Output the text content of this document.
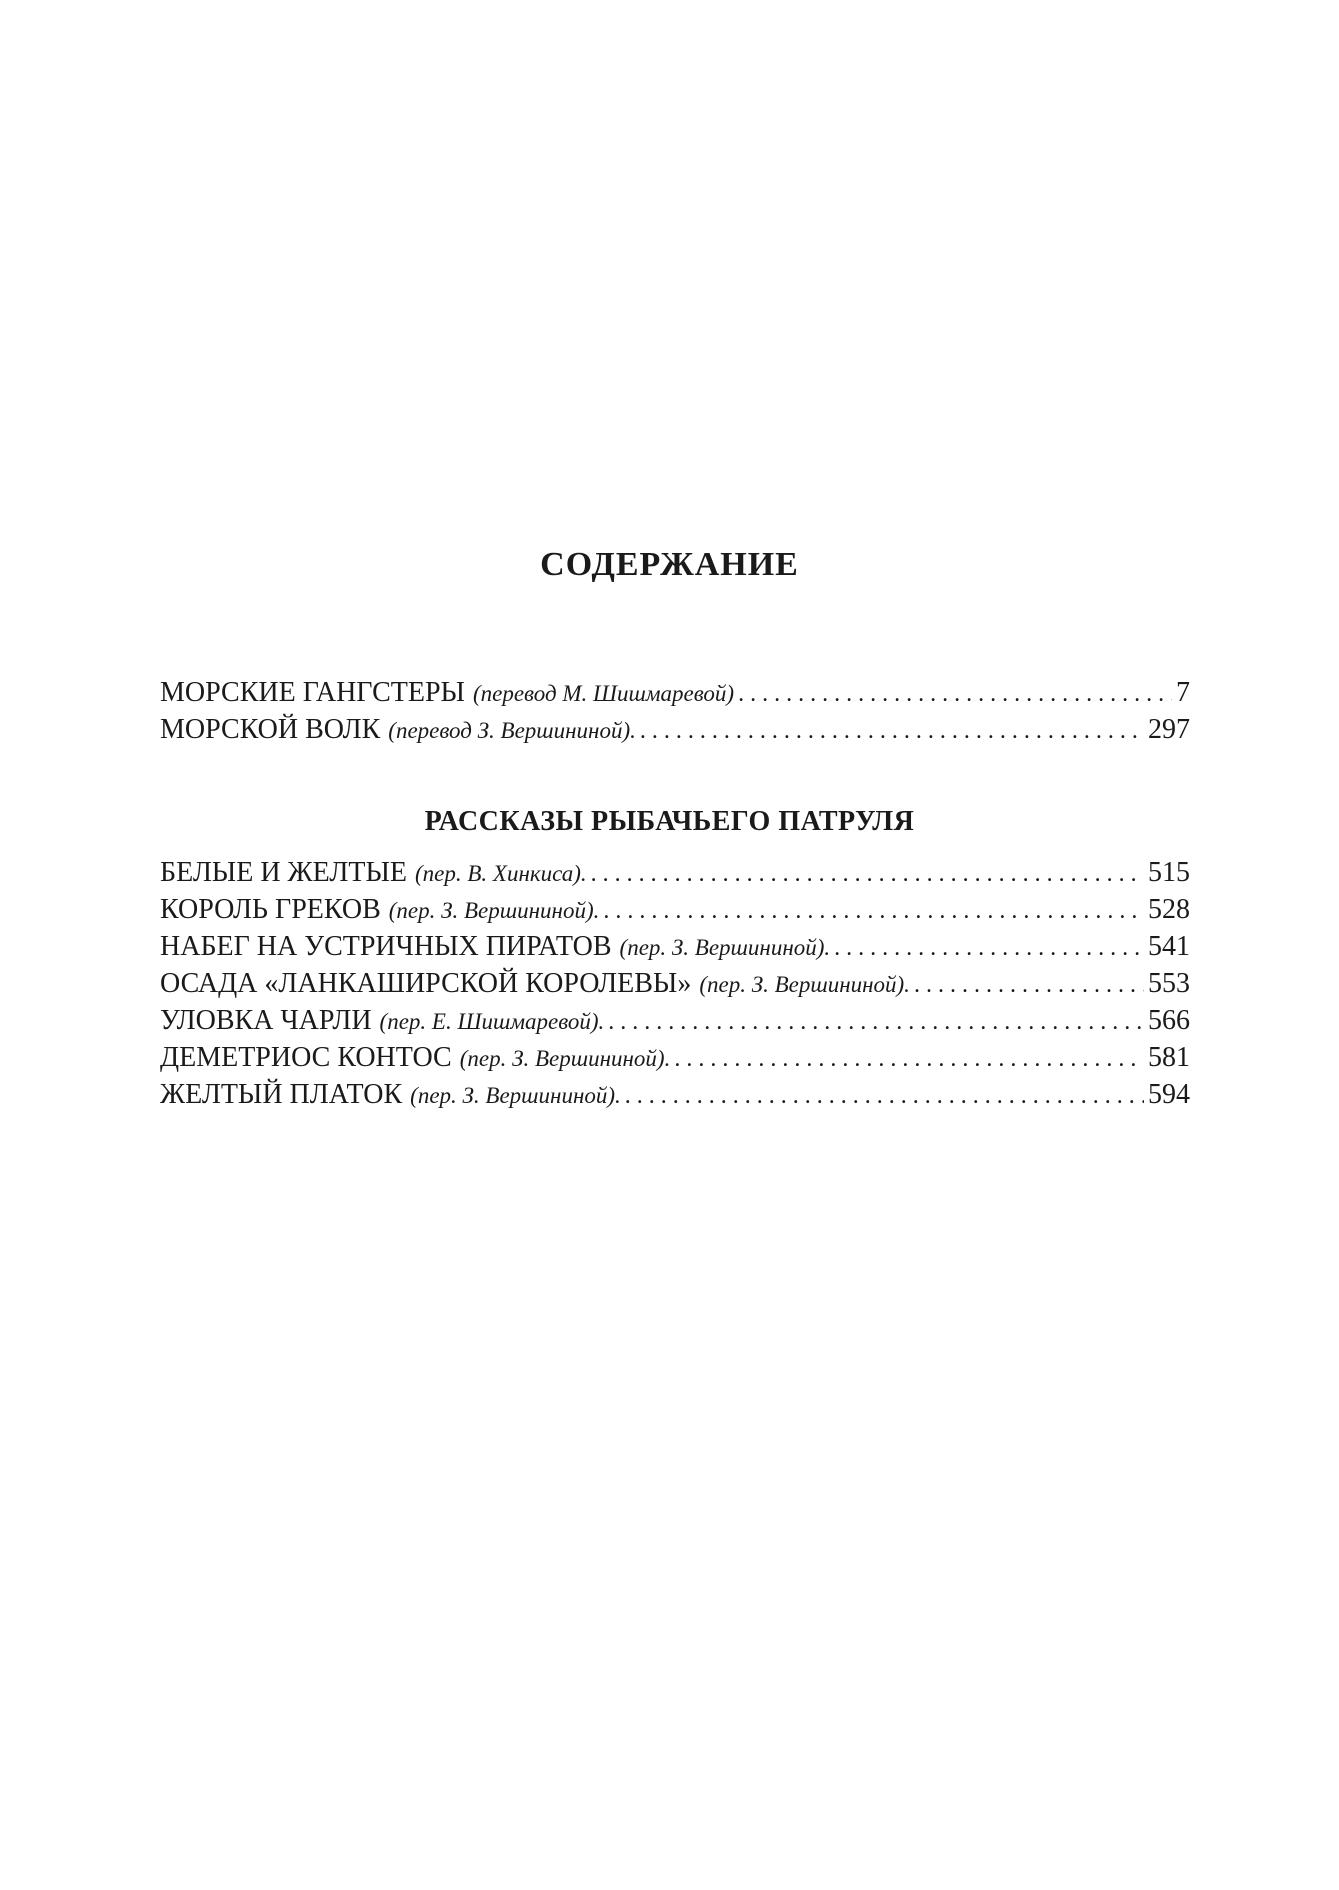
СОДЕРЖАНИЕ
МОРСКИЕ ГАНГСТЕРЫ (перевод М. Шишмаревой) . . .	7
МОРСКОЙ ВОЛК (перевод З. Вершининой). . . .	297
РАССКАЗЫ РЫБАЧЬЕГО ПАТРУЛЯ
БЕЛЫЕ И ЖЕЛТЫЕ (пер. В. Хинкиса). . . .	515
КОРОЛЬ ГРЕКОВ (пер. З. Вершининой). . . .	528
НАБЕГ НА УСТРИЧНЫХ ПИРАТОВ (пер. З. Вершининой). . . .	541
ОСАДА «ЛАНКАШИРСКОЙ КОРОЛЕВЫ» (пер. З. Вершининой). . . .	553
УЛОВКА ЧАРЛИ (пер. Е. Шишмаревой). . . .	566
ДЕМЕТРИОС КОНТОС (пер. З. Вершининой). . . .	581
ЖЕЛТЫЙ ПЛАТОК (пер. З. Вершининой). . . .	594
